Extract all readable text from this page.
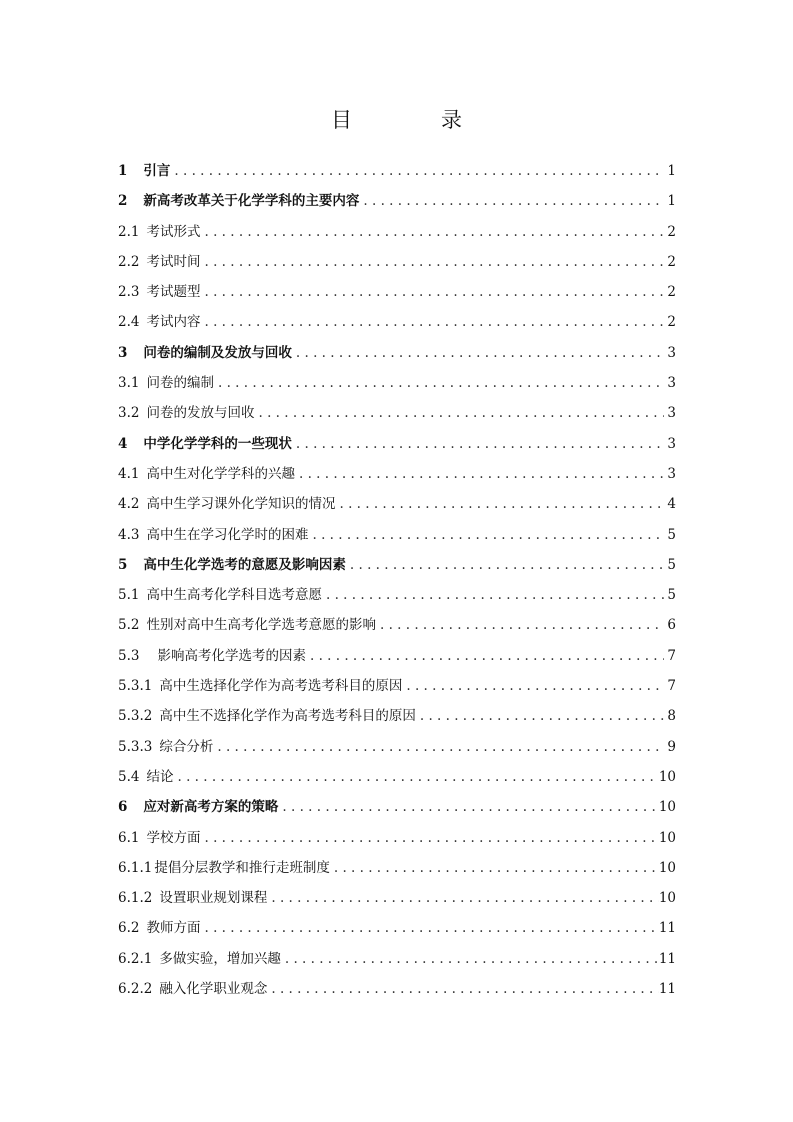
目　录
1 引言 . . .	1
2 新高考改革关于化学学科的主要内容 . . .	1
2.1 考试形式 . . .	2
2.2 考试时间 . . .	2
2.3 考试题型 . . .	2
2.4 考试内容 . . .	2
3 问卷的编制及发放与回收 . . .	3
3.1 问卷的编制 . . .	3
3.2 问卷的发放与回收 . . .	3
4 中学化学学科的一些现状 . . .	3
4.1 高中生对化学学科的兴趣 . . .	3
4.2 高中生学习课外化学知识的情况 . . .	4
4.3 高中生在学习化学时的困难 . . .	5
5 高中生化学选考的意愿及影响因素 . . .	5
5.1 高中生高考化学科目选考意愿 . . .	5
5.2 性别对高中生高考化学选考意愿的影响 . . .	6
5.3 影响高考化学选考的因素 . . .	7
5.3.1 高中生选择化学作为高考选考科目的原因 . . .	7
5.3.2 高中生不选择化学作为高考选考科目的原因 . . .	8
5.3.3 综合分析 . . .	9
5.4 结论 . . .	10
6 应对新高考方案的策略 . . .	10
6.1 学校方面 . . .	10
6.1.1 提倡分层教学和推行走班制度 . . .	10
6.1.2 设置职业规划课程 . . .	10
6.2 教师方面 . . .	11
6.2.1 多做实验，增加兴趣 . . .	11
6.2.2 融入化学职业观念 . . .	11
